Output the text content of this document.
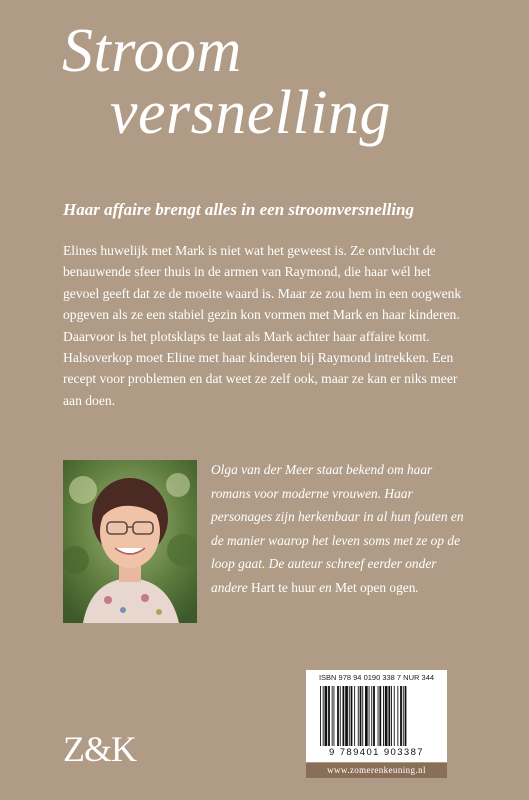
Stroom
versnelling
Haar affaire brengt alles in een stroomversnelling

Elines huwelijk met Mark is niet wat het geweest is. Ze ontvlucht de benauwende sfeer thuis in de armen van Raymond, die haar wél het gevoel geeft dat ze de moeite waard is. Maar ze zou hem in een oogwenk opgeven als ze een stabiel gezin kon vormen met Mark en haar kinderen.

Daarvoor is het plotsklaps te laat als Mark achter haar affaire komt. Halsoverkop moet Eline met haar kinderen bij Raymond intrekken. Een recept voor problemen en dat weet ze zelf ook, maar ze kan er niks meer aan doen.

Olga van der Meer staat bekend om haar romans voor moderne vrouwen. Haar personages zijn herkenbaar in al hun fouten en de manier waarop het leven soms met ze op de loop gaat. De auteur schreef eerder onder andere Hart te huur en Met open ogen.
Z&K
ISBN 978 94 0190 338 7 NUR 344
9 789401 903387
www.zomerenkeuning.nl
